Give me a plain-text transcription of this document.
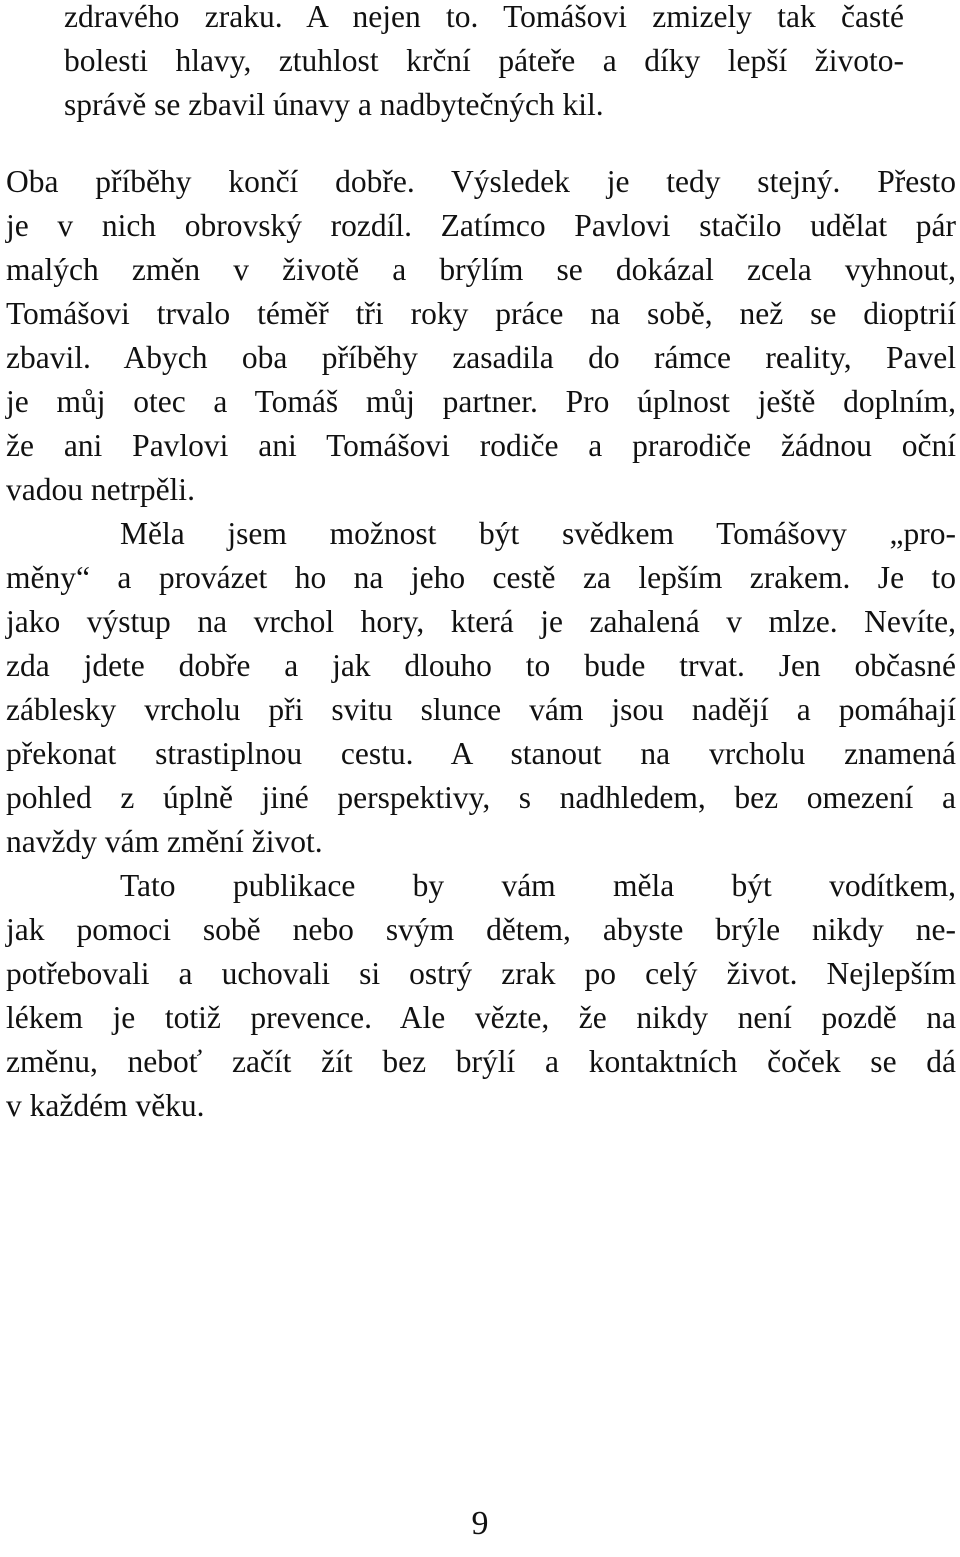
zdravého zraku. A nejen to. Tomášovi zmizely tak časté
bolesti hlavy, ztuhlost krční páteře a díky lepší životo-
správě se zbavil únavy a nadbytečných kil.
Oba příběhy končí dobře. Výsledek je tedy stejný. Přesto
je v nich obrovský rozdíl. Zatímco Pavlovi stačilo udělat pár
malých změn v životě a brýlím se dokázal zcela vyhnout,
Tomášovi trvalo téměř tři roky práce na sobě, než se dioptrií
zbavil. Abych oba příběhy zasadila do rámce reality, Pavel
je můj otec a Tomáš můj partner. Pro úplnost ještě doplním,
že ani Pavlovi ani Tomášovi rodiče a prarodiče žádnou oční
vadou netrpěli.
Měla jsem možnost být svědkem Tomášovy „pro-
měny“ a provázet ho na jeho cestě za lepším zrakem. Je to
jako výstup na vrchol hory, která je zahalená v mlze. Nevíte,
zda jdete dobře a jak dlouho to bude trvat. Jen občasné
záblesky vrcholu při svitu slunce vám jsou nadějí a pomáhají
překonat strastiplnou cestu. A stanout na vrcholu znamená
pohled z úplně jiné perspektivy, s nadhledem, bez omezení a
navždy vám změní život.
Tato publikace by vám měla být vodítkem,
jak pomoci sobě nebo svým dětem, abyste brýle nikdy ne-
potřebovali a uchovali si ostrý zrak po celý život. Nejlepším
lékem je totiž prevence. Ale vězte, že nikdy není pozdě na
změnu, neboť začít žít bez brýlí a kontaktních čoček se dá
v každém věku.
9
